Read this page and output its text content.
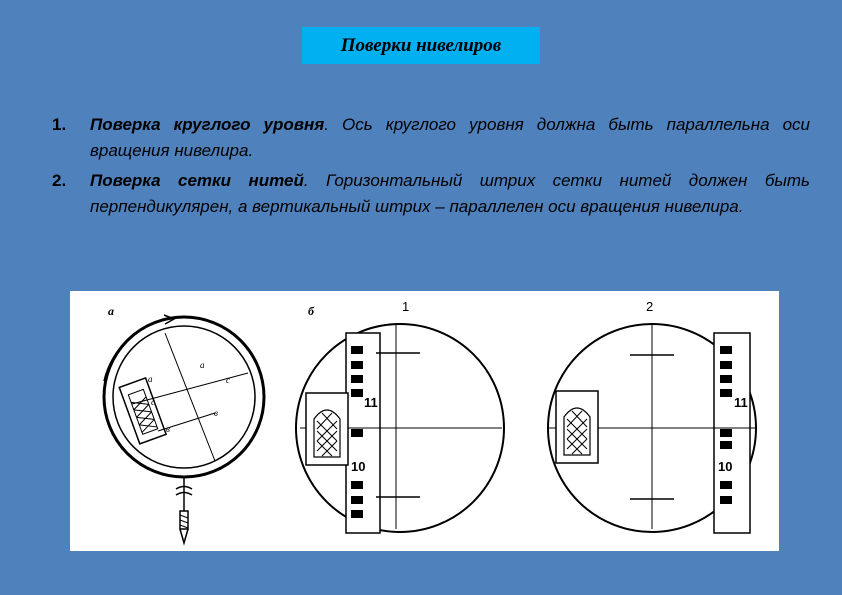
Поверки нивелиров
1. Поверка круглого уровня. Ось круглого уровня должна быть параллельна оси вращения нивелира.
2. Поверка сетки нитей. Горизонтальный штрих сетки нитей должен быть перпендикулярен, а вертикальный штрих – параллелен оси вращения нивелира.
а
а
с
а
с
в
в
б	1
11
10
2
11
10
